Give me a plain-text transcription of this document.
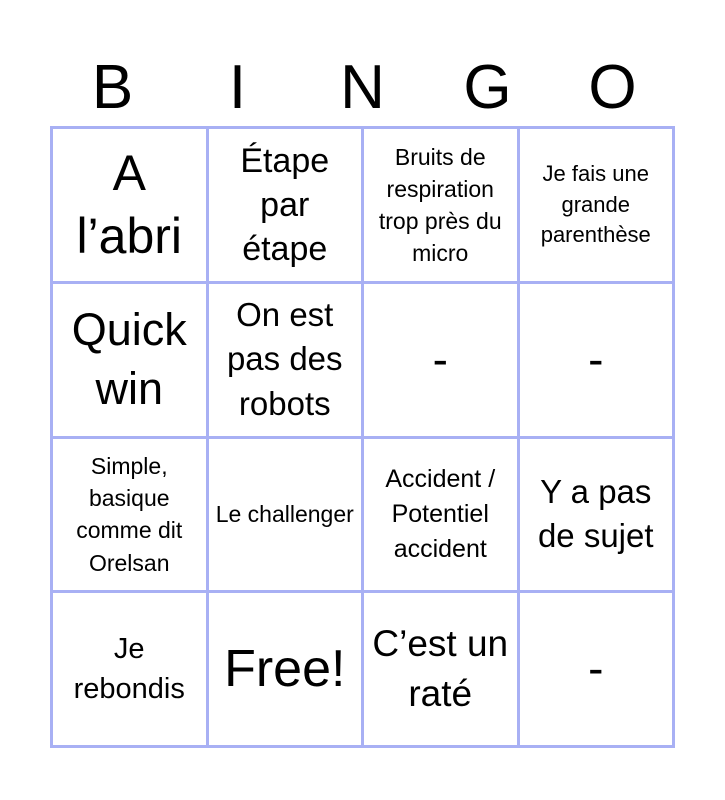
B	I	N	G	O
A l’abri
Étape par étape
Bruits de respiration trop près du micro
Je fais une grande parenthèse
Quick win
On est pas des robots
-	-
Simple, basique comme dit Orelsan
Le challenger
Accident / Potentiel accident
Y a pas de sujet
Je rebondis Free! C’est un raté	-
